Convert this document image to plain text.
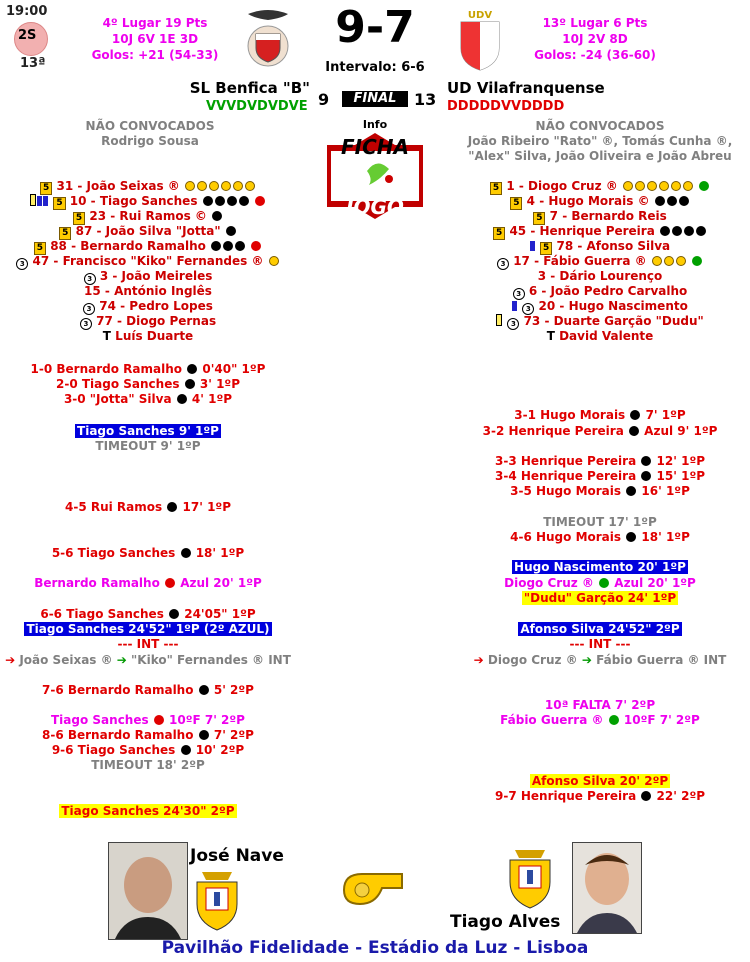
19:00
2S
13ª
4º Lugar 19 Pts
10J 6V 1E 3D
Golos: +21 (54-33)
9-7
Intervalo: 6-6
UDV
13º Lugar 6 Pts
10J 2V 8D
Golos: -24 (36-60)
SL Benfica "B"	UD Vilafranquense
VVVDVDVDVE 9	FINAL	13 DDDDDVVDDDD
NÃO CONVOCADOS
Rodrigo Sousa
NÃO CONVOCADOS
João Ribeiro "Rato" ®, Tomás Cunha ®,
"Alex" Silva, João Oliveira e João Abreu
Info
FICHA
JOGO
5 31 - João Seixas ®
5 10 - Tiago Sanches
5 23 - Rui Ramos ©
5 87 - João Silva "Jotta"
5 88 - Bernardo Ramalho
3 47 - Francisco "Kiko" Fernandes ®
3 3 - João Meireles
15 - António Inglês
3 74 - Pedro Lopes
3 77 - Diogo Pernas
T Luís Duarte
5 1 - Diogo Cruz ®
5 4 - Hugo Morais ©
5 7 - Bernardo Reis
5 45 - Henrique Pereira
5 78 - Afonso Silva
3 17 - Fábio Guerra ®
3 - Dário Lourenço
3 6 - João Pedro Carvalho
3 20 - Hugo Nascimento
3 73 - Duarte Garção "Dudu"
T David Valente
1-0 Bernardo Ramalho 0'40" 1ºP
2-0 Tiago Sanches 3' 1ºP
3-0 "Jotta" Silva 4' 1ºP
Tiago Sanches 9' 1ºP
TIMEOUT 9' 1ºP
4-5 Rui Ramos 17' 1ºP
5-6 Tiago Sanches 18' 1ºP
Bernardo Ramalho Azul 20' 1ºP
6-6 Tiago Sanches 24'05" 1ºP
Tiago Sanches 24'52" 1ºP (2º AZUL)
--- INT ---
➔ João Seixas ® ➔ "Kiko" Fernandes ® INT
7-6 Bernardo Ramalho 5' 2ºP
Tiago Sanches 10ºF 7' 2ºP
8-6 Bernardo Ramalho 7' 2ºP
9-6 Tiago Sanches 10' 2ºP
TIMEOUT 18' 2ºP
Tiago Sanches 24'30" 2ºP
3-1 Hugo Morais 7' 1ºP
3-2 Henrique Pereira Azul 9' 1ºP
3-3 Henrique Pereira 12' 1ºP
3-4 Henrique Pereira 15' 1ºP
3-5 Hugo Morais 16' 1ºP
TIMEOUT 17' 1ºP
4-6 Hugo Morais 18' 1ºP
Hugo Nascimento 20' 1ºP
Diogo Cruz ® Azul 20' 1ºP
"Dudu" Garção 24' 1ºP
Afonso Silva 24'52" 2ºP
--- INT ---
➔ Diogo Cruz ® ➔ Fábio Guerra ® INT
10ª FALTA 7' 2ºP
Fábio Guerra ® 10ºF 7' 2ºP
Afonso Silva 20' 2ºP
9-7 Henrique Pereira 22' 2ºP
José Nave
Tiago Alves
Pavilhão Fidelidade - Estádio da Luz - Lisboa
